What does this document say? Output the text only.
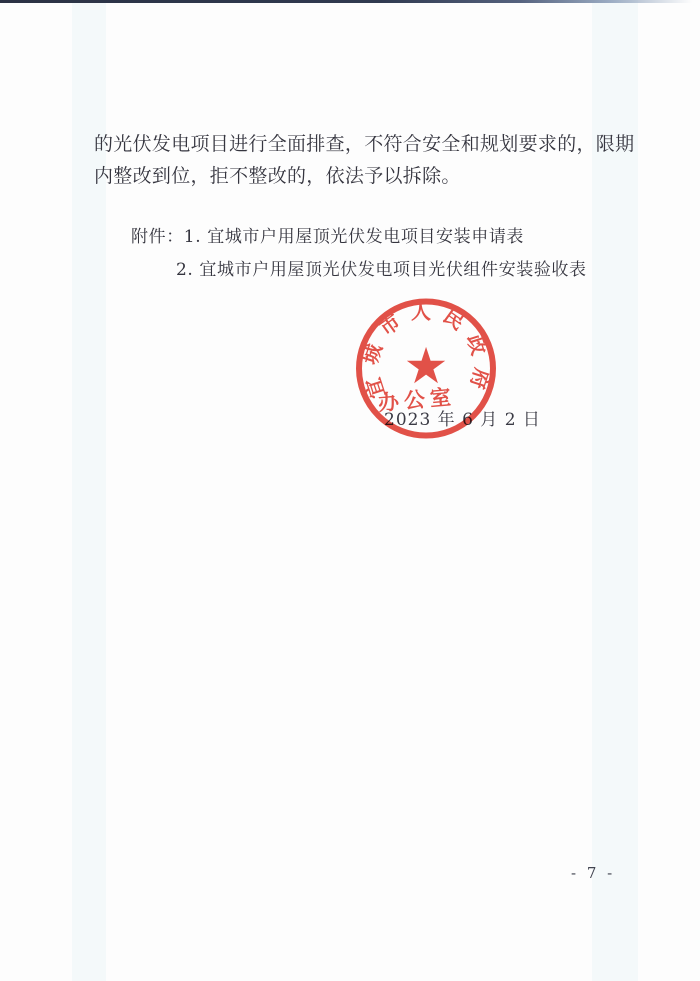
的光伏发电项目进行全面排查，不符合安全和规划要求的，限期
内整改到位，拒不整改的，依法予以拆除。
附件：1. 宜城市户用屋顶光伏发电项目安装申请表
2. 宜城市户用屋顶光伏发电项目光伏组件安装验收表
2023 年 6 月 2 日
宜城市人民政府
★
办公室
- 7 -
